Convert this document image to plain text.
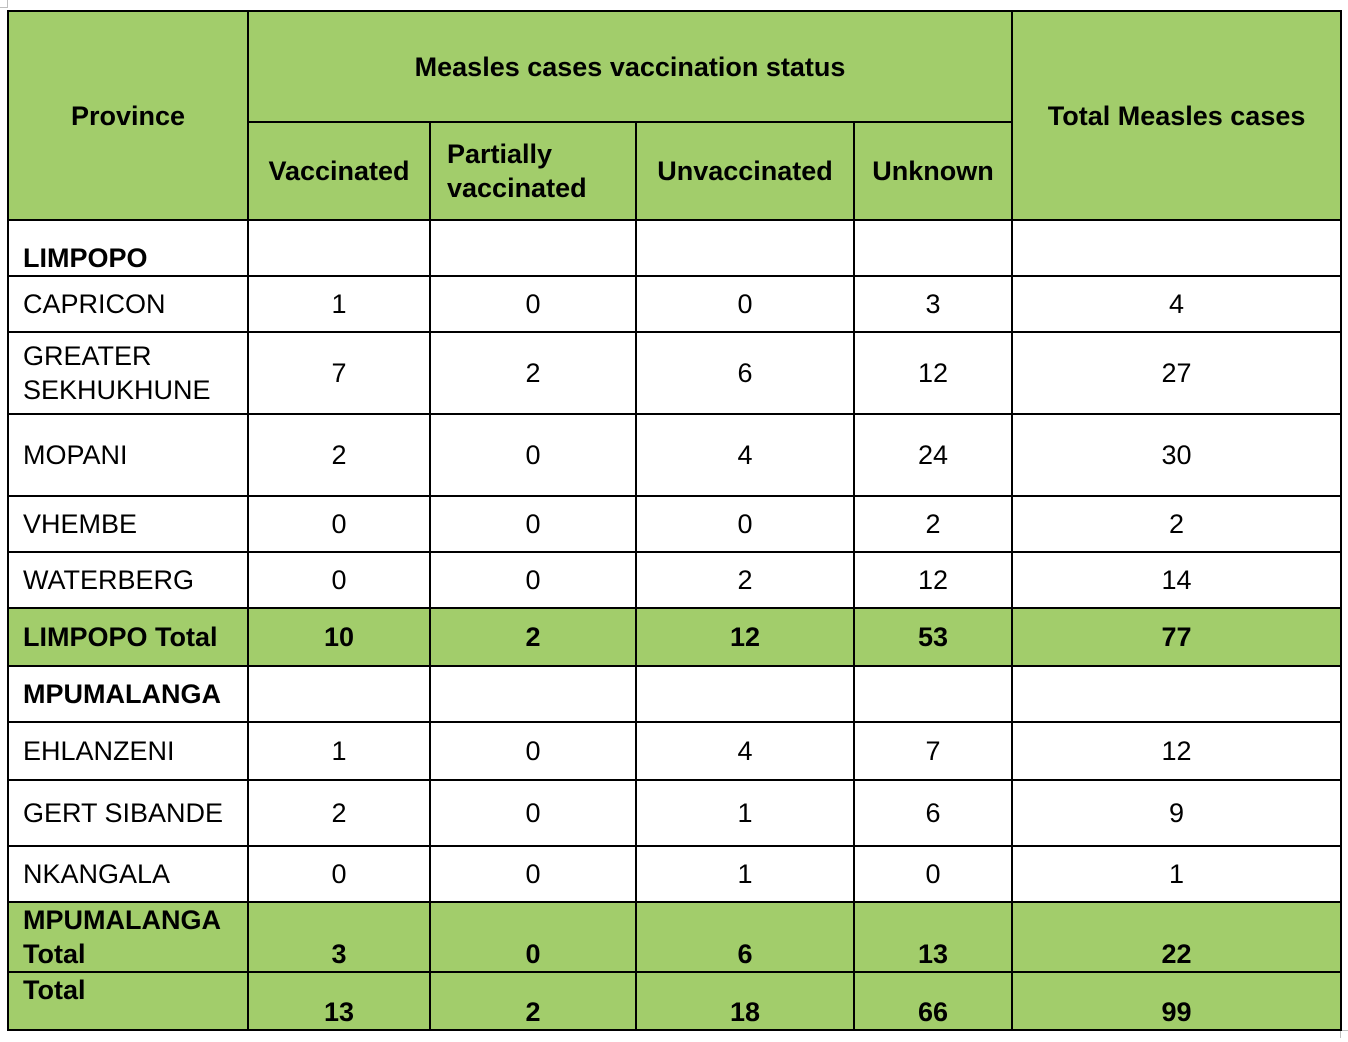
Province	Measles cases vaccination status				Total Measles cases
	Vaccinated	Partially vaccinated	Unvaccinated	Unknown	
LIMPOPO					
CAPRICON	1	0	0	3	4
GREATER SEKHUKHUNE	7	2	6	12	27
MOPANI	2	0	4	24	30
VHEMBE	0	0	0	2	2
WATERBERG	0	0	2	12	14
LIMPOPO Total	10	2	12	53	77
MPUMALANGA					
EHLANZENI	1	0	4	7	12
GERT SIBANDE	2	0	1	6	9
NKANGALA	0	0	1	0	1
MPUMALANGA Total	3	0	6	13	22
Total	13	2	18	66	99
